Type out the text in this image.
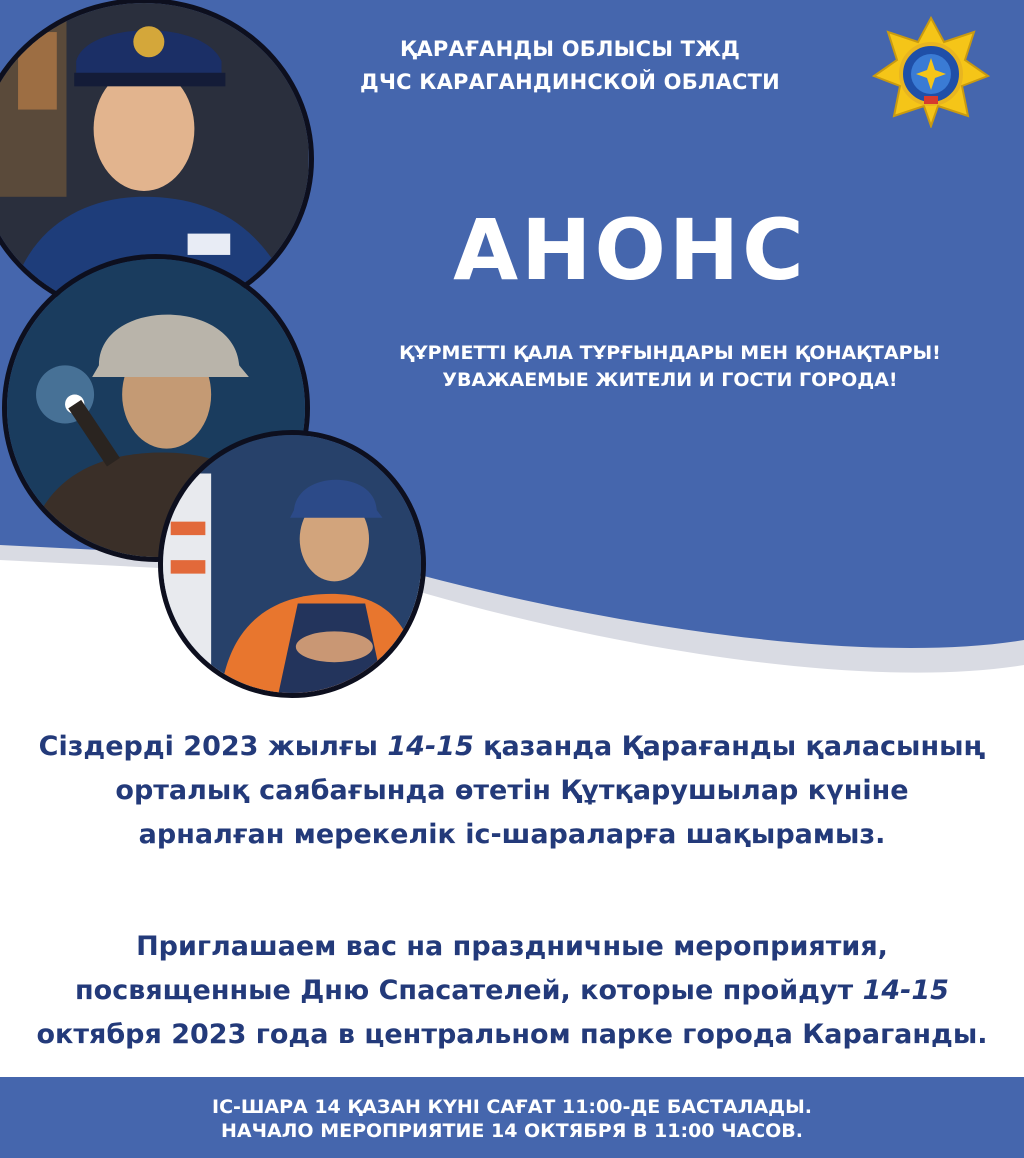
ҚАРАҒАНДЫ ОБЛЫСЫ ТЖД
ДЧС КАРАГАНДИНСКОЙ ОБЛАСТИ
АНОНС
ҚҰРМЕТТІ ҚАЛА ТҰРҒЫНДАРЫ МЕН ҚОНАҚТАРЫ!
УВАЖАЕМЫЕ ЖИТЕЛИ И ГОСТИ ГОРОДА!
Сіздерді 2023 жылғы 14-15 қазанда Қарағанды қаласының
орталық саябағында өтетін Құтқарушылар күніне
арналған мерекелік іс-шараларға шақырамыз.
Приглашаем вас на праздничные мероприятия,
посвященные Дню Спасателей, которые пройдут 14-15
октября 2023 года в центральном парке города Караганды.
ІС-ШАРА 14 ҚАЗАН КҮНІ САҒАТ 11:00-ДЕ БАСТАЛАДЫ.
НАЧАЛО МЕРОПРИЯТИЕ 14 ОКТЯБРЯ В 11:00 ЧАСОВ.
